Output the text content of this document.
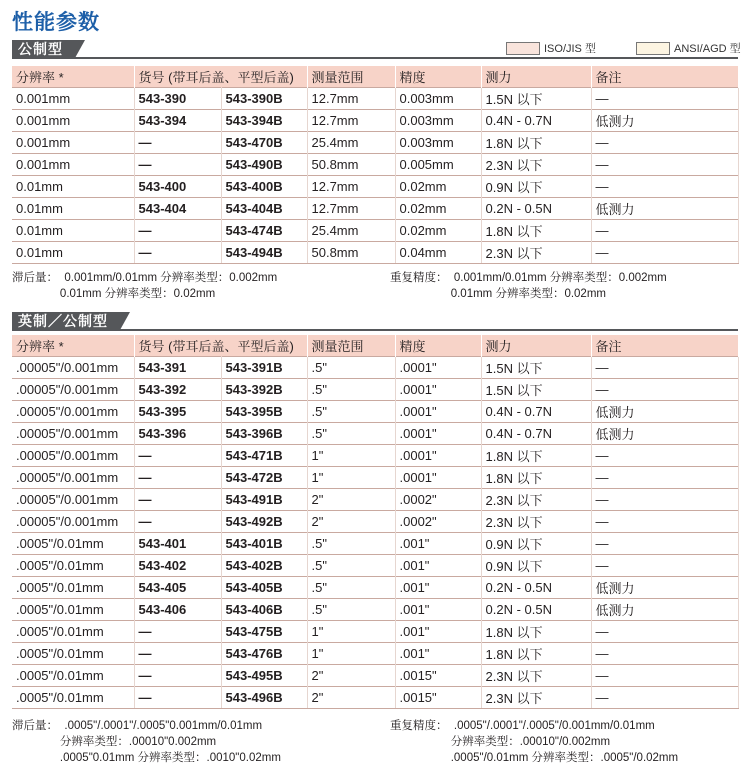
性能参数
公制型	ISO/JIS 型	ANSI/AGD 型
分辨率 *	货号 (带耳后盖、平型后盖)		测量范围	精度	测力	备注
0.001mm	543-390	543-390B	12.7mm	0.003mm	1.5N 以下	—
0.001mm	543-394	543-394B	12.7mm	0.003mm	0.4N - 0.7N	低测力
0.001mm	—	543-470B	25.4mm	0.003mm	1.8N 以下	—
0.001mm	—	543-490B	50.8mm	0.005mm	2.3N 以下	—
0.01mm	543-400	543-400B	12.7mm	0.02mm	0.9N 以下	—
0.01mm	543-404	543-404B	12.7mm	0.02mm	0.2N - 0.5N	低测力
0.01mm	—	543-474B	25.4mm	0.02mm	1.8N 以下	—
0.01mm	—	543-494B	50.8mm	0.04mm	2.3N 以下	—
滞后量：  0.001mm/0.01mm 分辨率类型：0.002mm
0.01mm 分辨率类型：0.02mm
重复精度：  0.001mm/0.01mm 分辨率类型：0.002mm
0.01mm 分辨率类型：0.02mm
英制／公制型
分辨率 *	货号 (带耳后盖、平型后盖)		测量范围	精度	测力	备注
.00005"/0.001mm	543-391	543-391B	.5"	.0001"	1.5N 以下	—
.00005"/0.001mm	543-392	543-392B	.5"	.0001"	1.5N 以下	—
.00005"/0.001mm	543-395	543-395B	.5"	.0001"	0.4N - 0.7N	低测力
.00005"/0.001mm	543-396	543-396B	.5"	.0001"	0.4N - 0.7N	低测力
.00005"/0.001mm	—	543-471B	1"	.0001"	1.8N 以下	—
.00005"/0.001mm	—	543-472B	1"	.0001"	1.8N 以下	—
.00005"/0.001mm	—	543-491B	2"	.0002"	2.3N 以下	—
.00005"/0.001mm	—	543-492B	2"	.0002"	2.3N 以下	—
.0005"/0.01mm	543-401	543-401B	.5"	.001"	0.9N 以下	—
.0005"/0.01mm	543-402	543-402B	.5"	.001"	0.9N 以下	—
.0005"/0.01mm	543-405	543-405B	.5"	.001"	0.2N - 0.5N	低测力
.0005"/0.01mm	543-406	543-406B	.5"	.001"	0.2N - 0.5N	低测力
.0005"/0.01mm	—	543-475B	1"	.001"	1.8N 以下	—
.0005"/0.01mm	—	543-476B	1"	.001"	1.8N 以下	—
.0005"/0.01mm	—	543-495B	2"	.0015"	2.3N 以下	—
.0005"/0.01mm	—	543-496B	2"	.0015"	2.3N 以下	—
滞后量：  .0005"/.0001"/.0005"0.001mm/0.01mm
分辨率类型：.00010"0.002mm
.0005"0.01mm 分辨率类型：.0010"0.02mm
重复精度：  .0005"/.0001"/.0005"/0.001mm/0.01mm
分辨率类型：.00010"/0.002mm
.0005"/0.01mm 分辨率类型：.0005"/0.02mm
